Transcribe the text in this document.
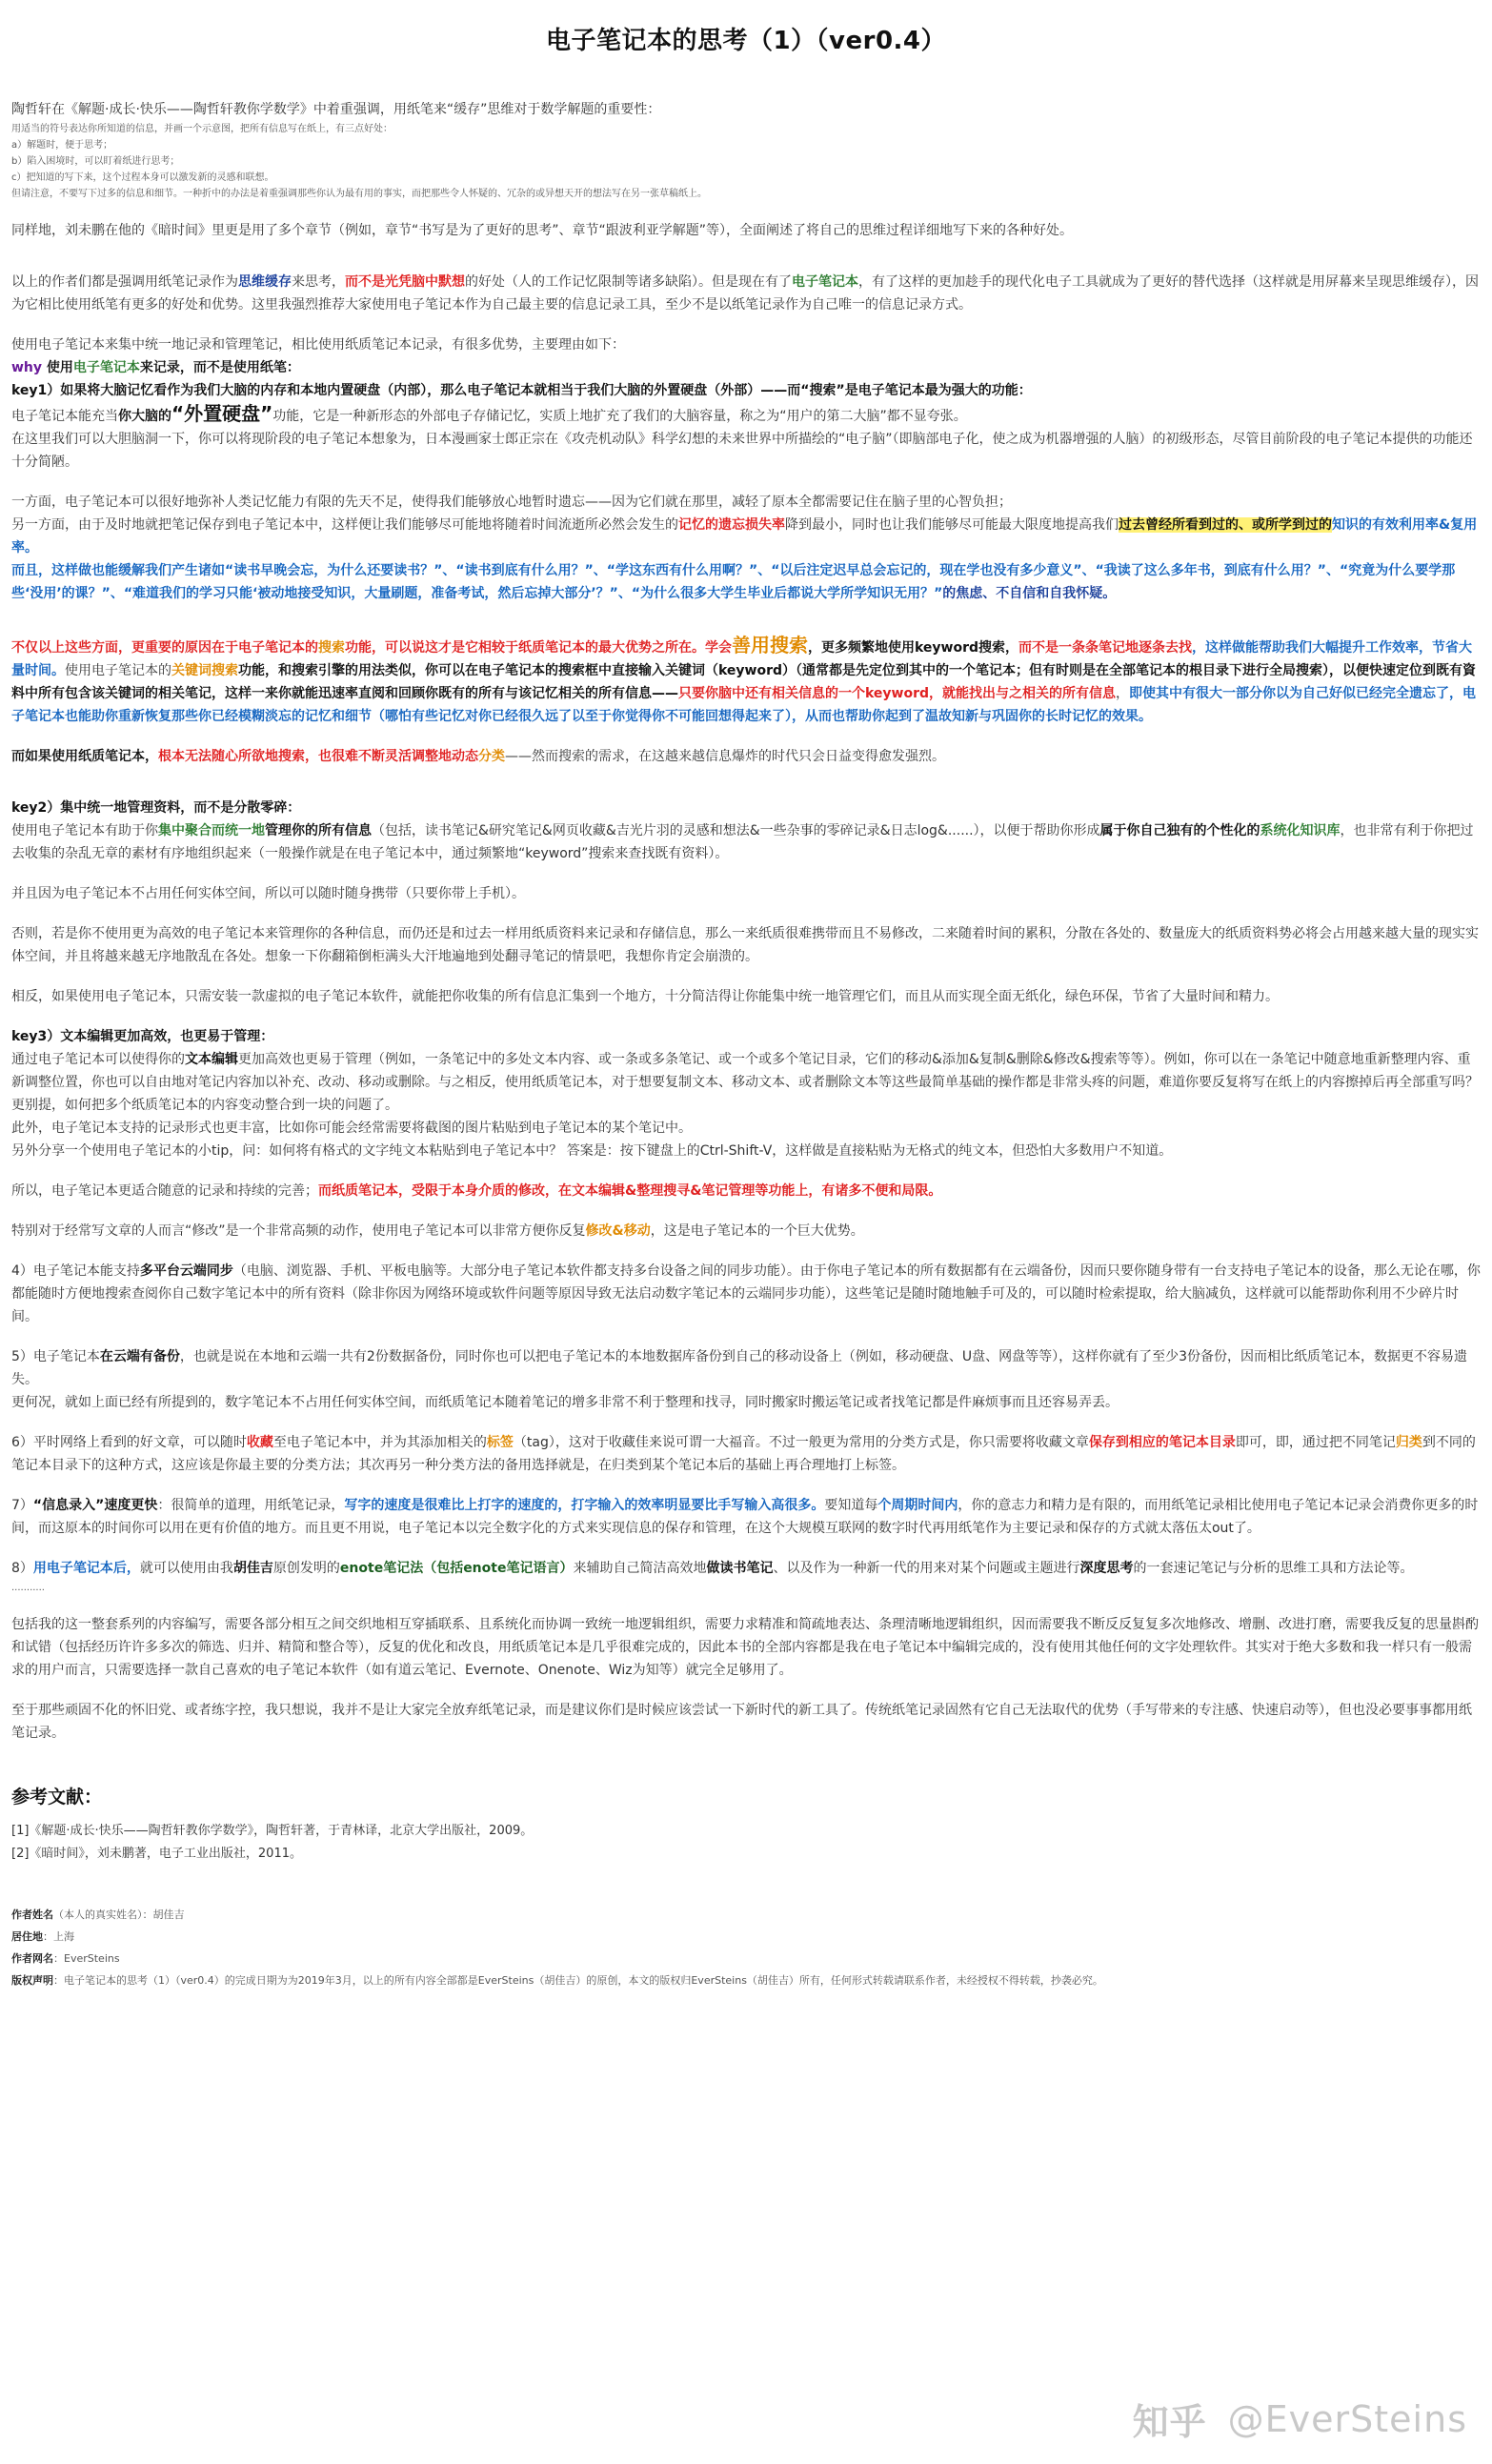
电子笔记本的思考（1）（ver0.4）

陶哲轩在《解题·成长·快乐——陶哲轩教你学数学》中着重强调，用纸笔来“缓存”思维对于数学解题的重要性：

用适当的符号表达你所知道的信息，并画一个示意图，把所有信息写在纸上，有三点好处：

a）解题时，便于思考；

b）陷入困境时，可以盯着纸进行思考；

c）把知道的写下来，这个过程本身可以激发新的灵感和联想。

但请注意，不要写下过多的信息和细节。一种折中的办法是着重强调那些你认为最有用的事实，而把那些令人怀疑的、冗杂的或异想天开的想法写在另一张草稿纸上。

同样地，刘未鹏在他的《暗时间》里更是用了多个章节（例如，章节“书写是为了更好的思考”、章节“跟波利亚学解题”等），全面阐述了将自己的思维过程详细地写下来的各种好处。

以上的作者们都是强调用纸笔记录作为思维缓存来思考，而不是光凭脑中默想的好处（人的工作记忆限制等诸多缺陷）。但是现在有了电子笔记本，有了这样的更加趁手的现代化电子工具就成为了更好的替代选择（这样就是用屏幕来呈现思维缓存），因为它相比使用纸笔有更多的好处和优势。这里我强烈推荐大家使用电子笔记本作为自己最主要的信息记录工具，至少不是以纸笔记录作为自己唯一的信息记录方式。

使用电子笔记本来集中统一地记录和管理笔记，相比使用纸质笔记本记录，有很多优势，主要理由如下：

why 使用电子笔记本来记录，而不是使用纸笔：

key1）如果将大脑记忆看作为我们大脑的内存和本地内置硬盘（内部），那么电子笔记本就相当于我们大脑的外置硬盘（外部）——而“搜索”是电子笔记本最为强大的功能：

电子笔记本能充当你大脑的“外置硬盘”功能，它是一种新形态的外部电子存储记忆，实质上地扩充了我们的大脑容量，称之为“用户的第二大脑”都不显夸张。

在这里我们可以大胆脑洞一下，你可以将现阶段的电子笔记本想象为，日本漫画家士郎正宗在《攻壳机动队》科学幻想的未来世界中所描绘的“电子脑”（即脑部电子化，使之成为机器增强的人脑）的初级形态，尽管目前阶段的电子笔记本提供的功能还十分简陋。

一方面，电子笔记本可以很好地弥补人类记忆能力有限的先天不足，使得我们能够放心地暂时遗忘——因为它们就在那里，减轻了原本全都需要记住在脑子里的心智负担；

另一方面，由于及时地就把笔记保存到电子笔记本中，这样便让我们能够尽可能地将随着时间流逝所必然会发生的记忆的遗忘损失率降到最小，同时也让我们能够尽可能最大限度地提高我们过去曾经所看到过的、或所学到过的知识的有效利用率&复用率。

而且，这样做也能缓解我们产生诸如“读书早晚会忘，为什么还要读书？”、“读书到底有什么用？”、“学这东西有什么用啊？”、“以后注定迟早总会忘记的，现在学也没有多少意义”、“我读了这么多年书，到底有什么用？”、“究竟为什么要学那些‘没用’的课？”、“难道我们的学习只能‘被动地接受知识，大量刷题，准备考试，然后忘掉大部分’？”、“为什么很多大学生毕业后都说大学所学知识无用？”的焦虑、不自信和自我怀疑。

不仅以上这些方面，更重要的原因在于电子笔记本的搜索功能，可以说这才是它相较于纸质笔记本的最大优势之所在。学会善用搜索，更多频繁地使用keyword搜索，而不是一条条笔记地逐条去找，这样做能帮助我们大幅提升工作效率，节省大量时间。使用电子笔记本的关键词搜索功能，和搜索引擎的用法类似，你可以在电子笔记本的搜索框中直接输入关键词（keyword）（通常都是先定位到其中的一个笔记本；但有时则是在全部笔记本的根目录下进行全局搜索），以便快速定位到既有資料中所有包含该关键词的相关笔记，这样一来你就能迅速率直阅和回顾你既有的所有与该记忆相关的所有信息——只要你脑中还有相关信息的一个keyword，就能找出与之相关的所有信息，即使其中有很大一部分你以为自己好似已经完全遗忘了，电子笔记本也能助你重新恢复那些你已经模糊淡忘的记忆和细节（哪怕有些记忆对你已经很久远了以至于你觉得你不可能回想得起来了），从而也帮助你起到了温故知新与巩固你的长时记忆的效果。

而如果使用纸质笔记本，根本无法随心所欲地搜索，也很难不断灵活调整地动态分类——然而搜索的需求，在这越来越信息爆炸的时代只会日益变得愈发强烈。

key2）集中统一地管理资料，而不是分散零碎：

使用电子笔记本有助于你集中聚合而统一地管理你的所有信息（包括，读书笔记&研究笔记&网页收藏&吉光片羽的灵感和想法&一些杂事的零碎记录&日志log&......），以便于帮助你形成属于你自己独有的个性化的系统化知识库，也非常有利于你把过去收集的杂乱无章的素材有序地组织起来（一般操作就是在电子笔记本中，通过频繁地“keyword”搜索来查找既有资料）。

并且因为电子笔记本不占用任何实体空间，所以可以随时随身携带（只要你带上手机）。

否则，若是你不使用更为高效的电子笔记本来管理你的各种信息，而仍还是和过去一样用纸质资料来记录和存储信息，那么一来纸质很难携带而且不易修改，二来随着时间的累积，分散在各处的、数量庞大的纸质资料势必将会占用越来越大量的现实实体空间，并且将越来越无序地散乱在各处。想象一下你翻箱倒柜满头大汗地遍地到处翻寻笔记的情景吧，我想你肯定会崩溃的。

相反，如果使用电子笔记本，只需安装一款虚拟的电子笔记本软件，就能把你收集的所有信息汇集到一个地方，十分简洁得让你能集中统一地管理它们，而且从而实现全面无纸化，绿色环保，节省了大量时间和精力。

key3）文本编辑更加高效，也更易于管理：

通过电子笔记本可以使得你的文本编辑更加高效也更易于管理（例如，一条笔记中的多处文本内容、或一条或多条笔记、或一个或多个笔记目录，它们的移动&添加&复制&删除&修改&搜索等等）。例如，你可以在一条笔记中随意地重新整理内容、重新调整位置，你也可以自由地对笔记内容加以补充、改动、移动或删除。与之相反，使用纸质笔记本，对于想要复制文本、移动文本、或者删除文本等这些最简单基础的操作都是非常头疼的问题，难道你要反复将写在纸上的内容擦掉后再全部重写吗？更别提，如何把多个纸质笔记本的内容变动整合到一块的问题了。

此外，电子笔记本支持的记录形式也更丰富，比如你可能会经常需要将截图的图片粘贴到电子笔记本的某个笔记中。

另外分享一个使用电子笔记本的小tip，问：如何将有格式的文字纯文本粘贴到电子笔记本中？ 答案是：按下键盘上的Ctrl-Shift-V，这样做是直接粘贴为无格式的纯文本，但恐怕大多数用户不知道。

所以，电子笔记本更适合随意的记录和持续的完善；而纸质笔记本，受限于本身介质的修改，在文本编辑&整理搜寻&笔记管理等功能上，有诸多不便和局限。

特别对于经常写文章的人而言“修改”是一个非常高频的动作，使用电子笔记本可以非常方便你反复修改&移动，这是电子笔记本的一个巨大优势。

4）电子笔记本能支持多平台云端同步（电脑、浏览器、手机、平板电脑等。大部分电子笔记本软件都支持多台设备之间的同步功能）。由于你电子笔记本的所有数据都有在云端备份，因而只要你随身带有一台支持电子笔记本的设备，那么无论在哪，你都能随时方便地搜索查阅你自己数字笔记本中的所有资料（除非你因为网络环境或软件问题等原因导致无法启动数字笔记本的云端同步功能），这些笔记是随时随地触手可及的，可以随时检索提取，给大脑减负，这样就可以能帮助你利用不少碎片时间。

5）电子笔记本在云端有备份，也就是说在本地和云端一共有2份数据备份，同时你也可以把电子笔记本的本地数据库备份到自己的移动设备上（例如，移动硬盘、U盘、网盘等等），这样你就有了至少3份备份，因而相比纸质笔记本，数据更不容易遗失。

更何况，就如上面已经有所提到的，数字笔记本不占用任何实体空间，而纸质笔记本随着笔记的增多非常不利于整理和找寻，同时搬家时搬运笔记或者找笔记都是件麻烦事而且还容易弄丢。

6）平时网络上看到的好文章，可以随时收藏至电子笔记本中，并为其添加相关的标签（tag），这对于收藏佳来说可谓一大福音。不过一般更为常用的分类方式是，你只需要将收藏文章保存到相应的笔记本目录即可，即，通过把不同笔记归类到不同的笔记本目录下的这种方式，这应该是你最主要的分类方法；其次再另一种分类方法的备用选择就是，在归类到某个笔记本后的基础上再合理地打上标签。

7）“信息录入”速度更快：很简单的道理，用纸笔记录，写字的速度是很难比上打字的速度的，打字输入的效率明显要比手写输入高很多。要知道每个周期时间内，你的意志力和精力是有限的，而用纸笔记录相比使用电子笔记本记录会消费你更多的时间，而这原本的时间你可以用在更有价值的地方。而且更不用说，电子笔记本以完全数字化的方式来实现信息的保存和管理，在这个大规模互联网的数字时代再用纸笔作为主要记录和保存的方式就太落伍太out了。

8）用电子笔记本后，就可以使用由我胡佳吉原创发明的enote笔记法（包括enote笔记语言）来辅助自己简洁高效地做读书笔记、以及作为一种新一代的用来对某个问题或主题进行深度思考的一套速记笔记与分析的思维工具和方法论等。

...........

包括我的这一整套系列的内容编写，需要各部分相互之间交织地相互穿插联系、且系统化而协调一致统一地逻辑组织，需要力求精准和简疏地表达、条理清晰地逻辑组织，因而需要我不断反反复复多次地修改、增删、改进打磨，需要我反复的思量斟酌和试错（包括经历许许多多次的筛选、归并、精简和整合等），反复的优化和改良，用纸质笔记本是几乎很难完成的，因此本书的全部内容都是我在电子笔记本中编辑完成的，没有使用其他任何的文字处理软件。其实对于绝大多数和我一样只有一般需求的用户而言，只需要选择一款自己喜欢的电子笔记本软件（如有道云笔记、Evernote、Onenote、Wiz为知等）就完全足够用了。

至于那些顽固不化的怀旧党、或者练字控，我只想说，我并不是让大家完全放弃纸笔记录，而是建议你们是时候应该尝试一下新时代的新工具了。传统纸笔记录固然有它自己无法取代的优势（手写带来的专注感、快速启动等），但也没必要事事都用纸笔记录。

参考文献：

[1]《解题·成长·快乐——陶哲轩教你学数学》，陶哲轩著，于青林译，北京大学出版社，2009。

[2]《暗时间》，刘未鹏著，电子工业出版社，2011。

作者姓名（本人的真实姓名）：胡佳吉

居住地：上海

作者网名：EverSteins

版权声明：电子笔记本的思考（1）（ver0.4）的完成日期为为2019年3月，以上的所有内容全部都是EverSteins（胡佳吉）的原创，本文的版权归EverSteins（胡佳吉）所有，任何形式转载请联系作者，未经授权不得转载，抄袭必究。

知乎 @EverSteins
